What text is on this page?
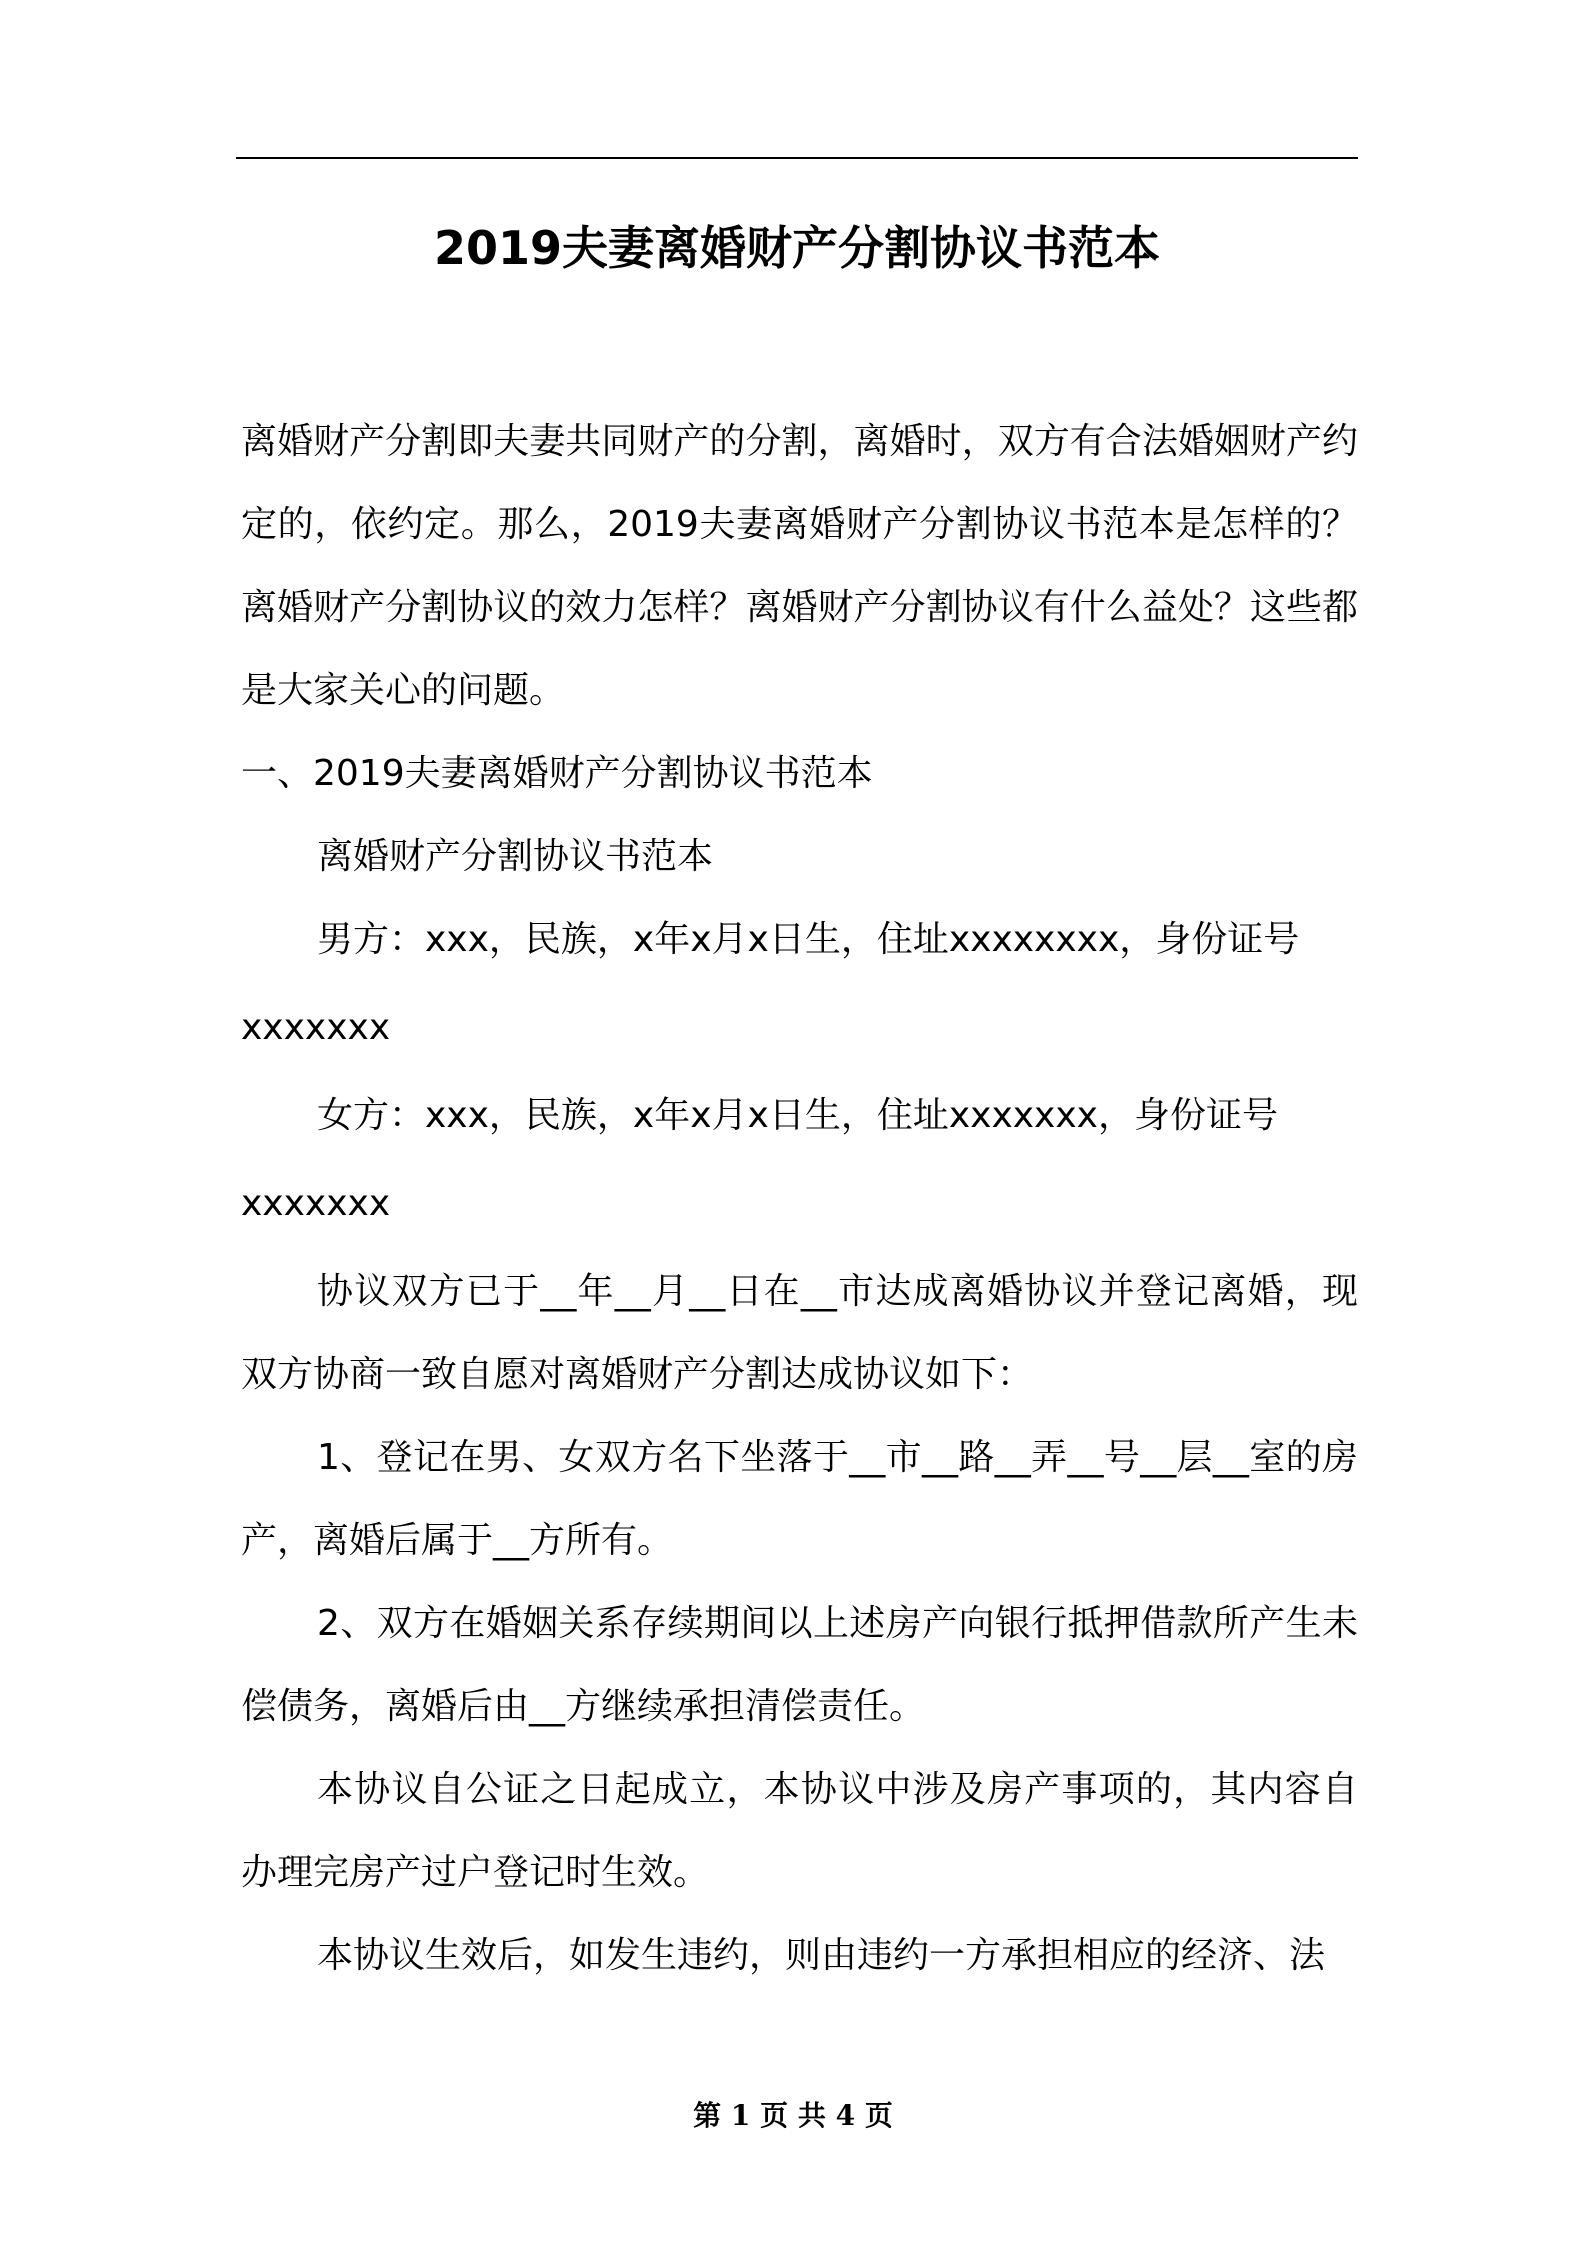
2019夫妻离婚财产分割协议书范本

离婚财产分割即夫妻共同财产的分割，离婚时，双方有合法婚姻财产约定的，依约定。那么，2019夫妻离婚财产分割协议书范本是怎样的？离婚财产分割协议的效力怎样？离婚财产分割协议有什么益处？这些都是大家关心的问题。

一、2019夫妻离婚财产分割协议书范本

离婚财产分割协议书范本

男方：xxx，民族，x年x月x日生，住址xxxxxxxx，身份证号

xxxxxxx

女方：xxx，民族，x年x月x日生，住址xxxxxxx，身份证号

xxxxxxx

协议双方已于__年__月__日在__市达成离婚协议并登记离婚，现双方协商一致自愿对离婚财产分割达成协议如下：

1、登记在男、女双方名下坐落于__市__路__弄__号__层__室的房产，离婚后属于__方所有。

2、双方在婚姻关系存续期间以上述房产向银行抵押借款所产生未偿债务，离婚后由__方继续承担清偿责任。

本协议自公证之日起成立，本协议中涉及房产事项的，其内容自办理完房产过户登记时生效。

本协议生效后，如发生违约，则由违约一方承担相应的经济、法

第 1 页 共 4 页
